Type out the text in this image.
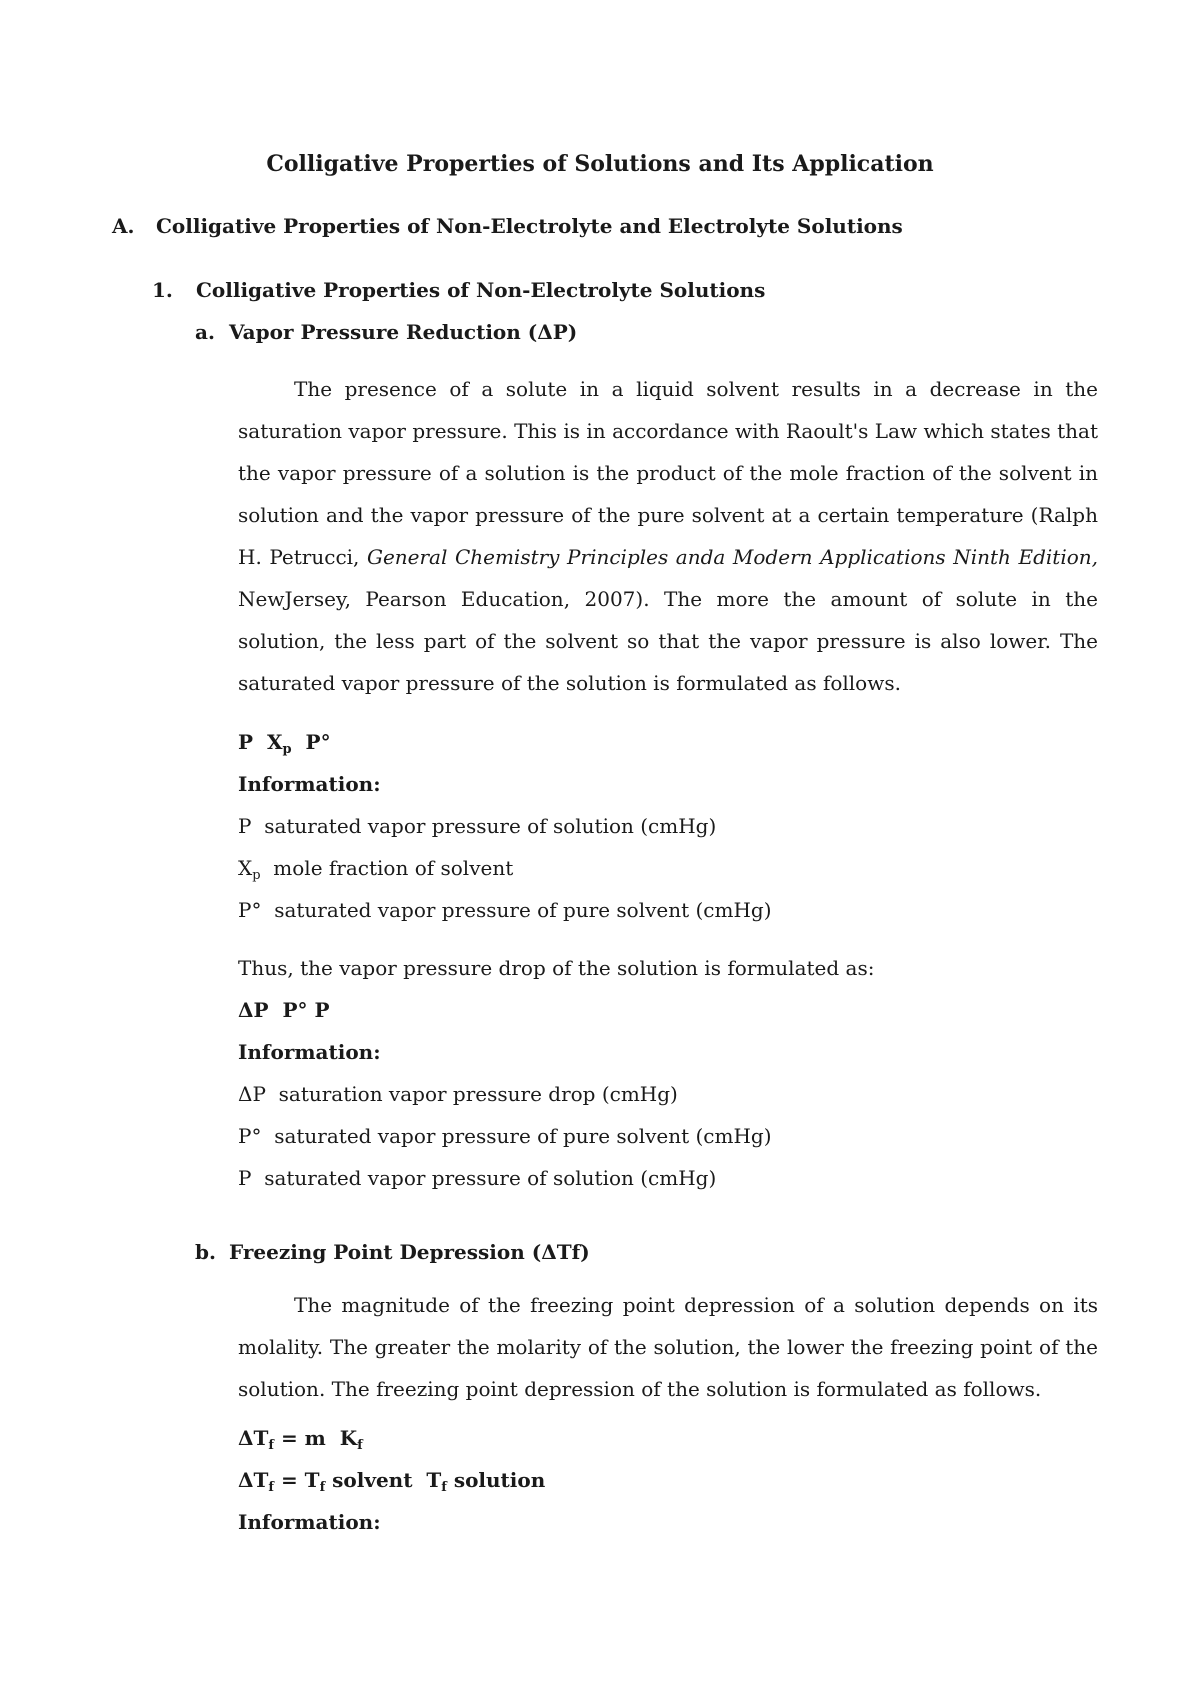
Colligative Properties of Solutions and Its Application
A. Colligative Properties of Non-Electrolyte and Electrolyte Solutions
1. Colligative Properties of Non-Electrolyte Solutions
a. Vapor Pressure Reduction (ΔP)

The presence of a solute in a liquid solvent results in a decrease in the saturation vapor pressure. This is in accordance with Raoult's Law which states that the vapor pressure of a solution is the product of the mole fraction of the solvent in solution and the vapor pressure of the pure solvent at a certain temperature (Ralph H. Petrucci, General Chemistry Principles anda Modern Applications Ninth Edition, NewJersey, Pearson Education, 2007). The more the amount of solute in the solution, the less part of the solvent so that the vapor pressure is also lower. The saturated vapor pressure of the solution is formulated as follows.

P $X_p$ P°
Information:
P saturated vapor pressure of solution (cmHg)
$X_p$ mole fraction of solvent
P° saturated vapor pressure of pure solvent (cmHg)
Thus, the vapor pressure drop of the solution is formulated as:
ΔP  P° P
Information:
ΔP saturation vapor pressure drop (cmHg)
P° saturated vapor pressure of pure solvent (cmHg)
P saturated vapor pressure of solution (cmHg)
b. Freezing Point Depression (ΔTf)

The magnitude of the freezing point depression of a solution depends on its molality. The greater the molarity of the solution, the lower the freezing point of the solution. The freezing point depression of the solution is formulated as follows.

$\Delta T_f = m$  $K_f$
$\Delta T_f = T_f$ solvent  $T_f$ solution
Information:
